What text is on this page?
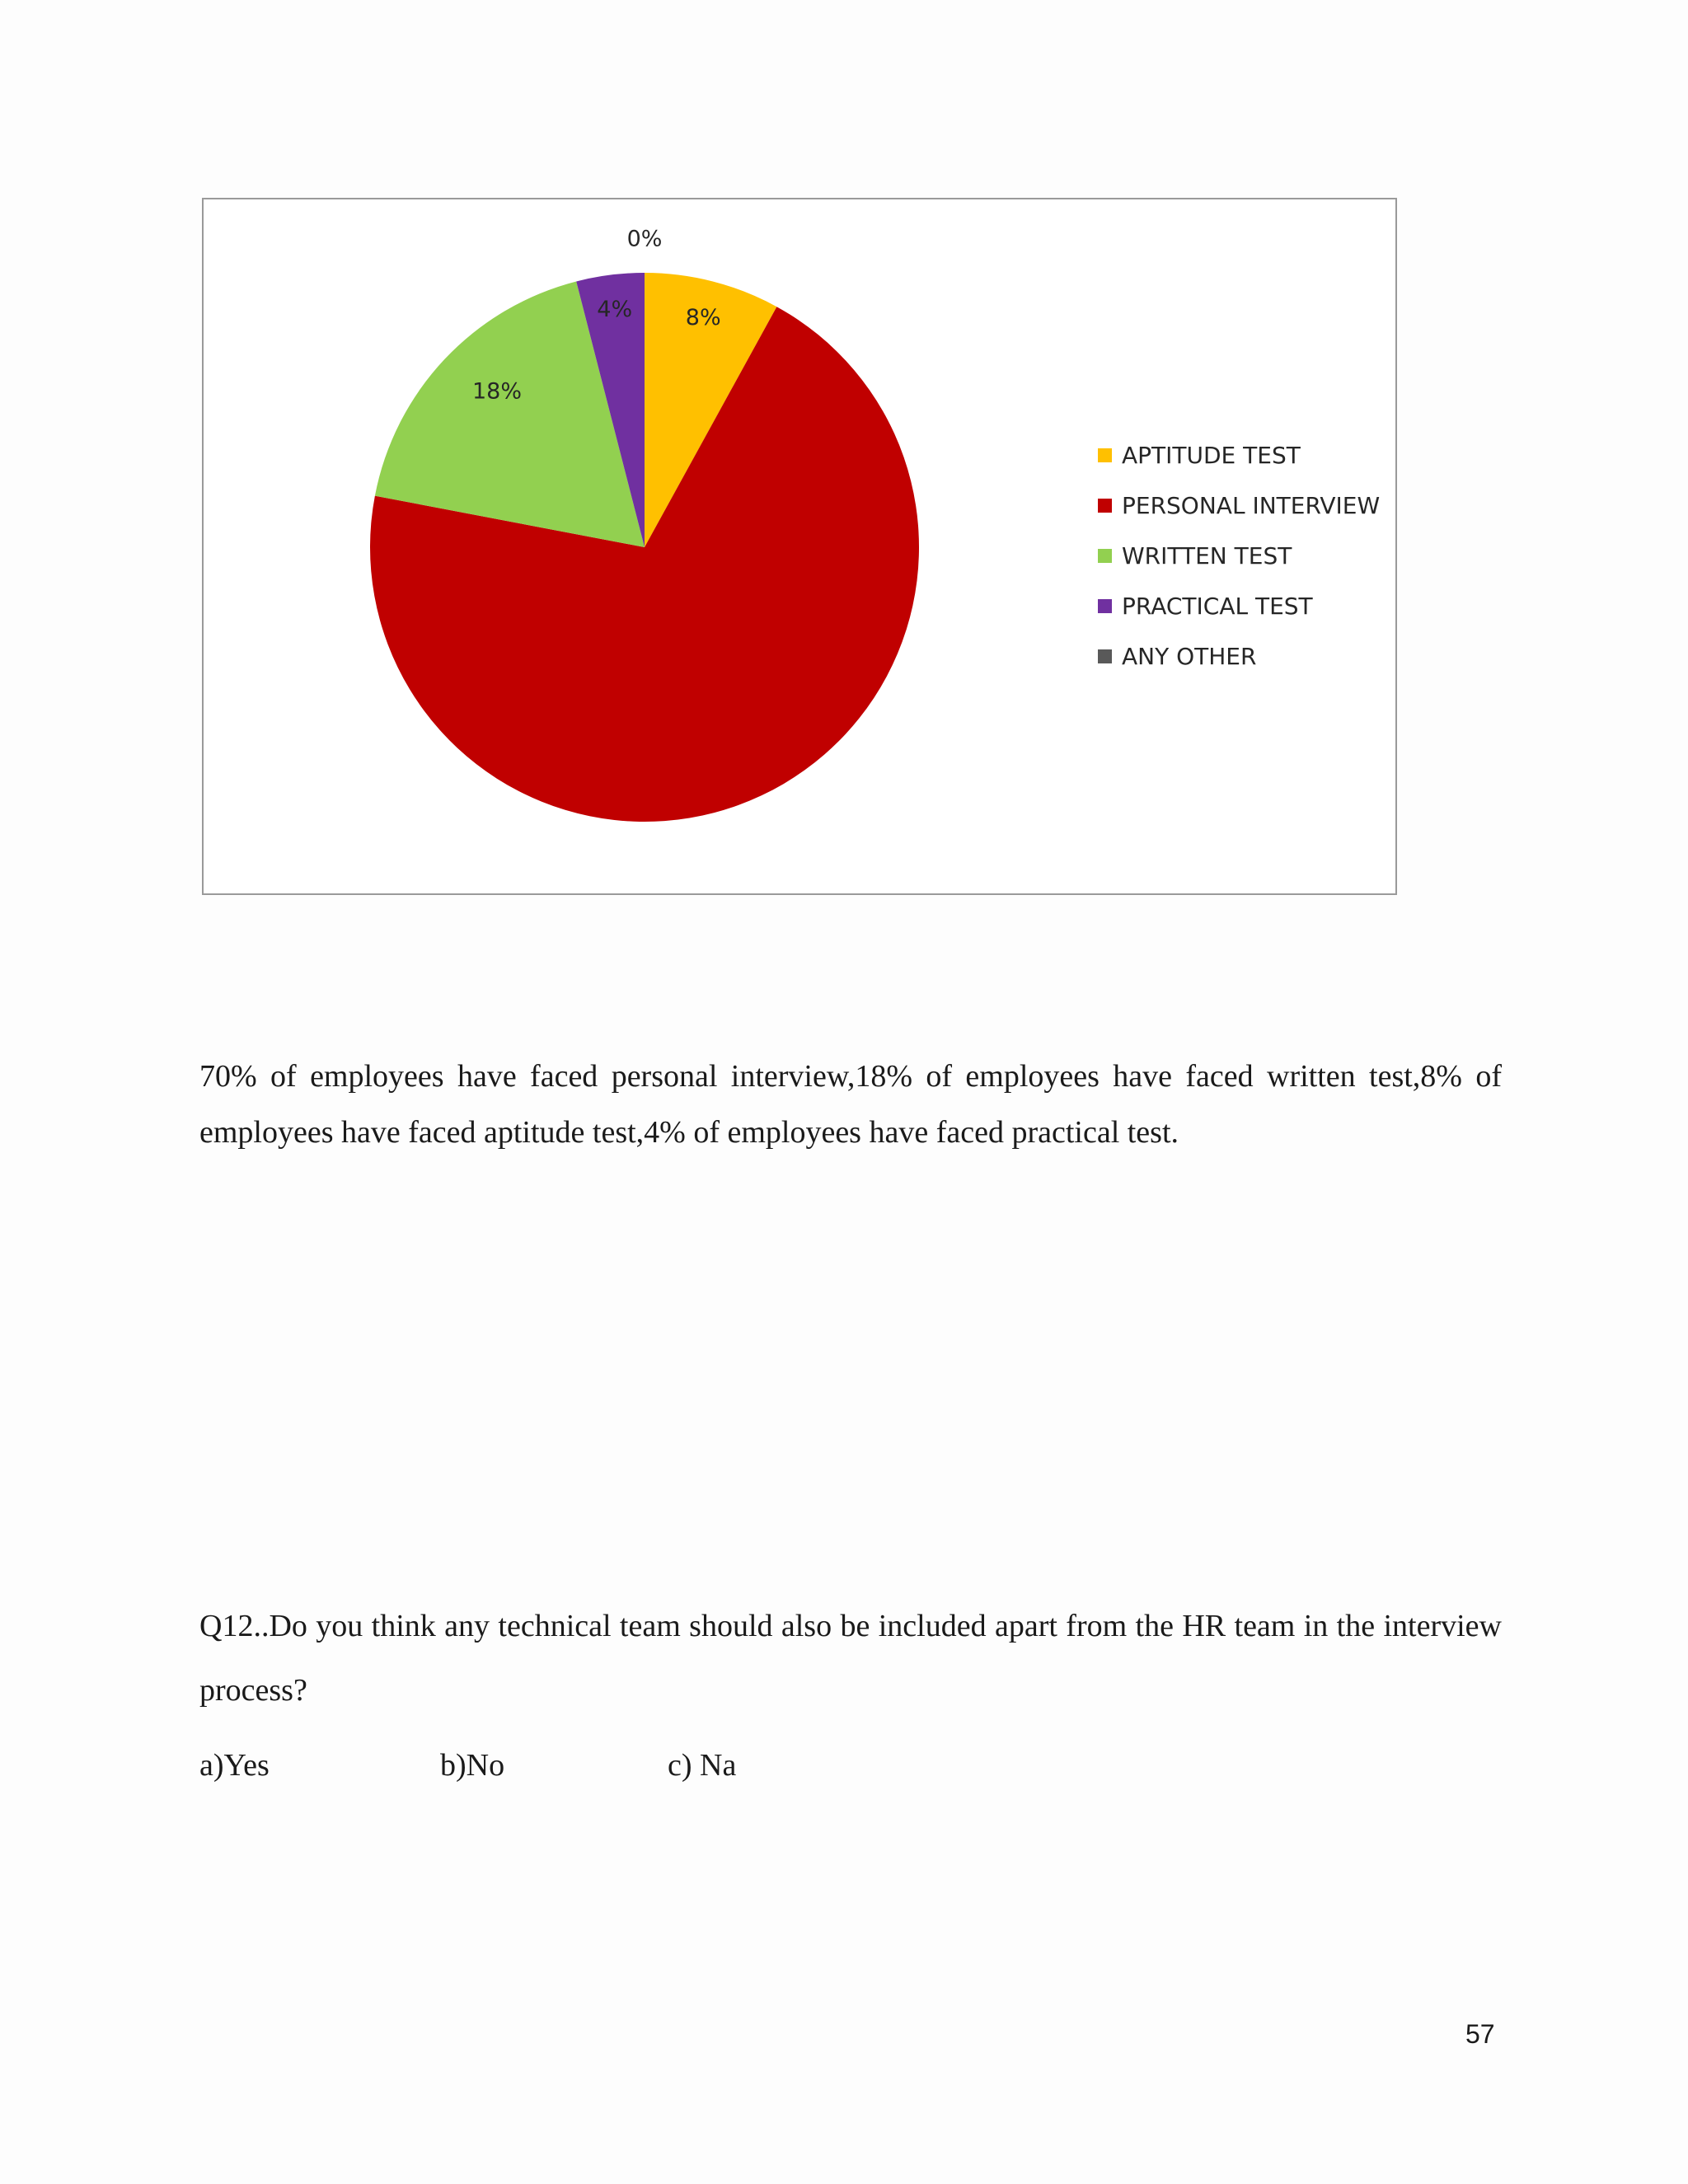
8%
18%
4%
0%
APTITUDE TEST
PERSONAL INTERVIEW
WRITTEN TEST
PRACTICAL TEST
ANY OTHER

70% of employees have faced personal interview,18% of employees have faced written test,8% of employees have faced aptitude test,4% of employees have faced practical test.

Q12..Do you think any technical team should also be included apart from the HR team in the interview process?

a)Yes	b)No	c) Na
57
